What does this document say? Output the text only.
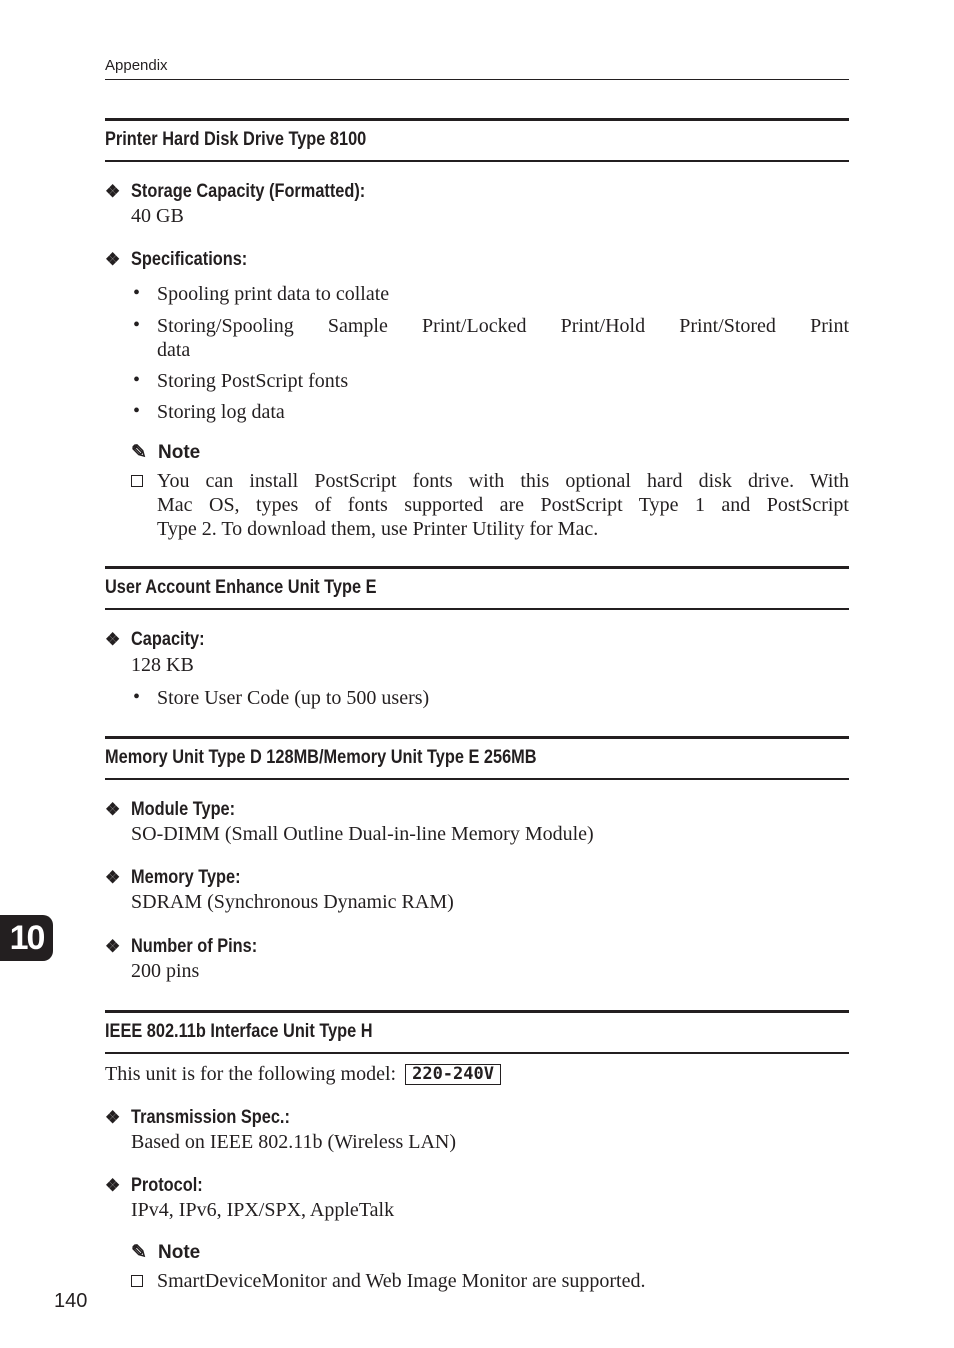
Appendix
Printer Hard Disk Drive Type 8100
❖ Storage Capacity (Formatted):
40 GB
❖ Specifications:
• Spooling print data to collate
• Storing/Spooling Sample Print/Locked Print/Hold Print/Stored Print
data
• Storing PostScript fonts
• Storing log data
✎ Note
You can install PostScript fonts with this optional hard disk drive. With
Mac OS, types of fonts supported are PostScript Type 1 and PostScript
Type 2. To download them, use Printer Utility for Mac.
User Account Enhance Unit Type E
❖ Capacity:
128 KB
• Store User Code (up to 500 users)
Memory Unit Type D 128MB/Memory Unit Type E 256MB
❖ Module Type:
SO-DIMM (Small Outline Dual-in-line Memory Module)
❖ Memory Type:
SDRAM (Synchronous Dynamic RAM)
❖ Number of Pins:
200 pins
IEEE 802.11b Interface Unit Type H
This unit is for the following model: 220-240V
❖ Transmission Spec.:
Based on IEEE 802.11b (Wireless LAN)
❖ Protocol:
IPv4, IPv6, IPX/SPX, AppleTalk
✎ Note
SmartDeviceMonitor and Web Image Monitor are supported.
10
140
